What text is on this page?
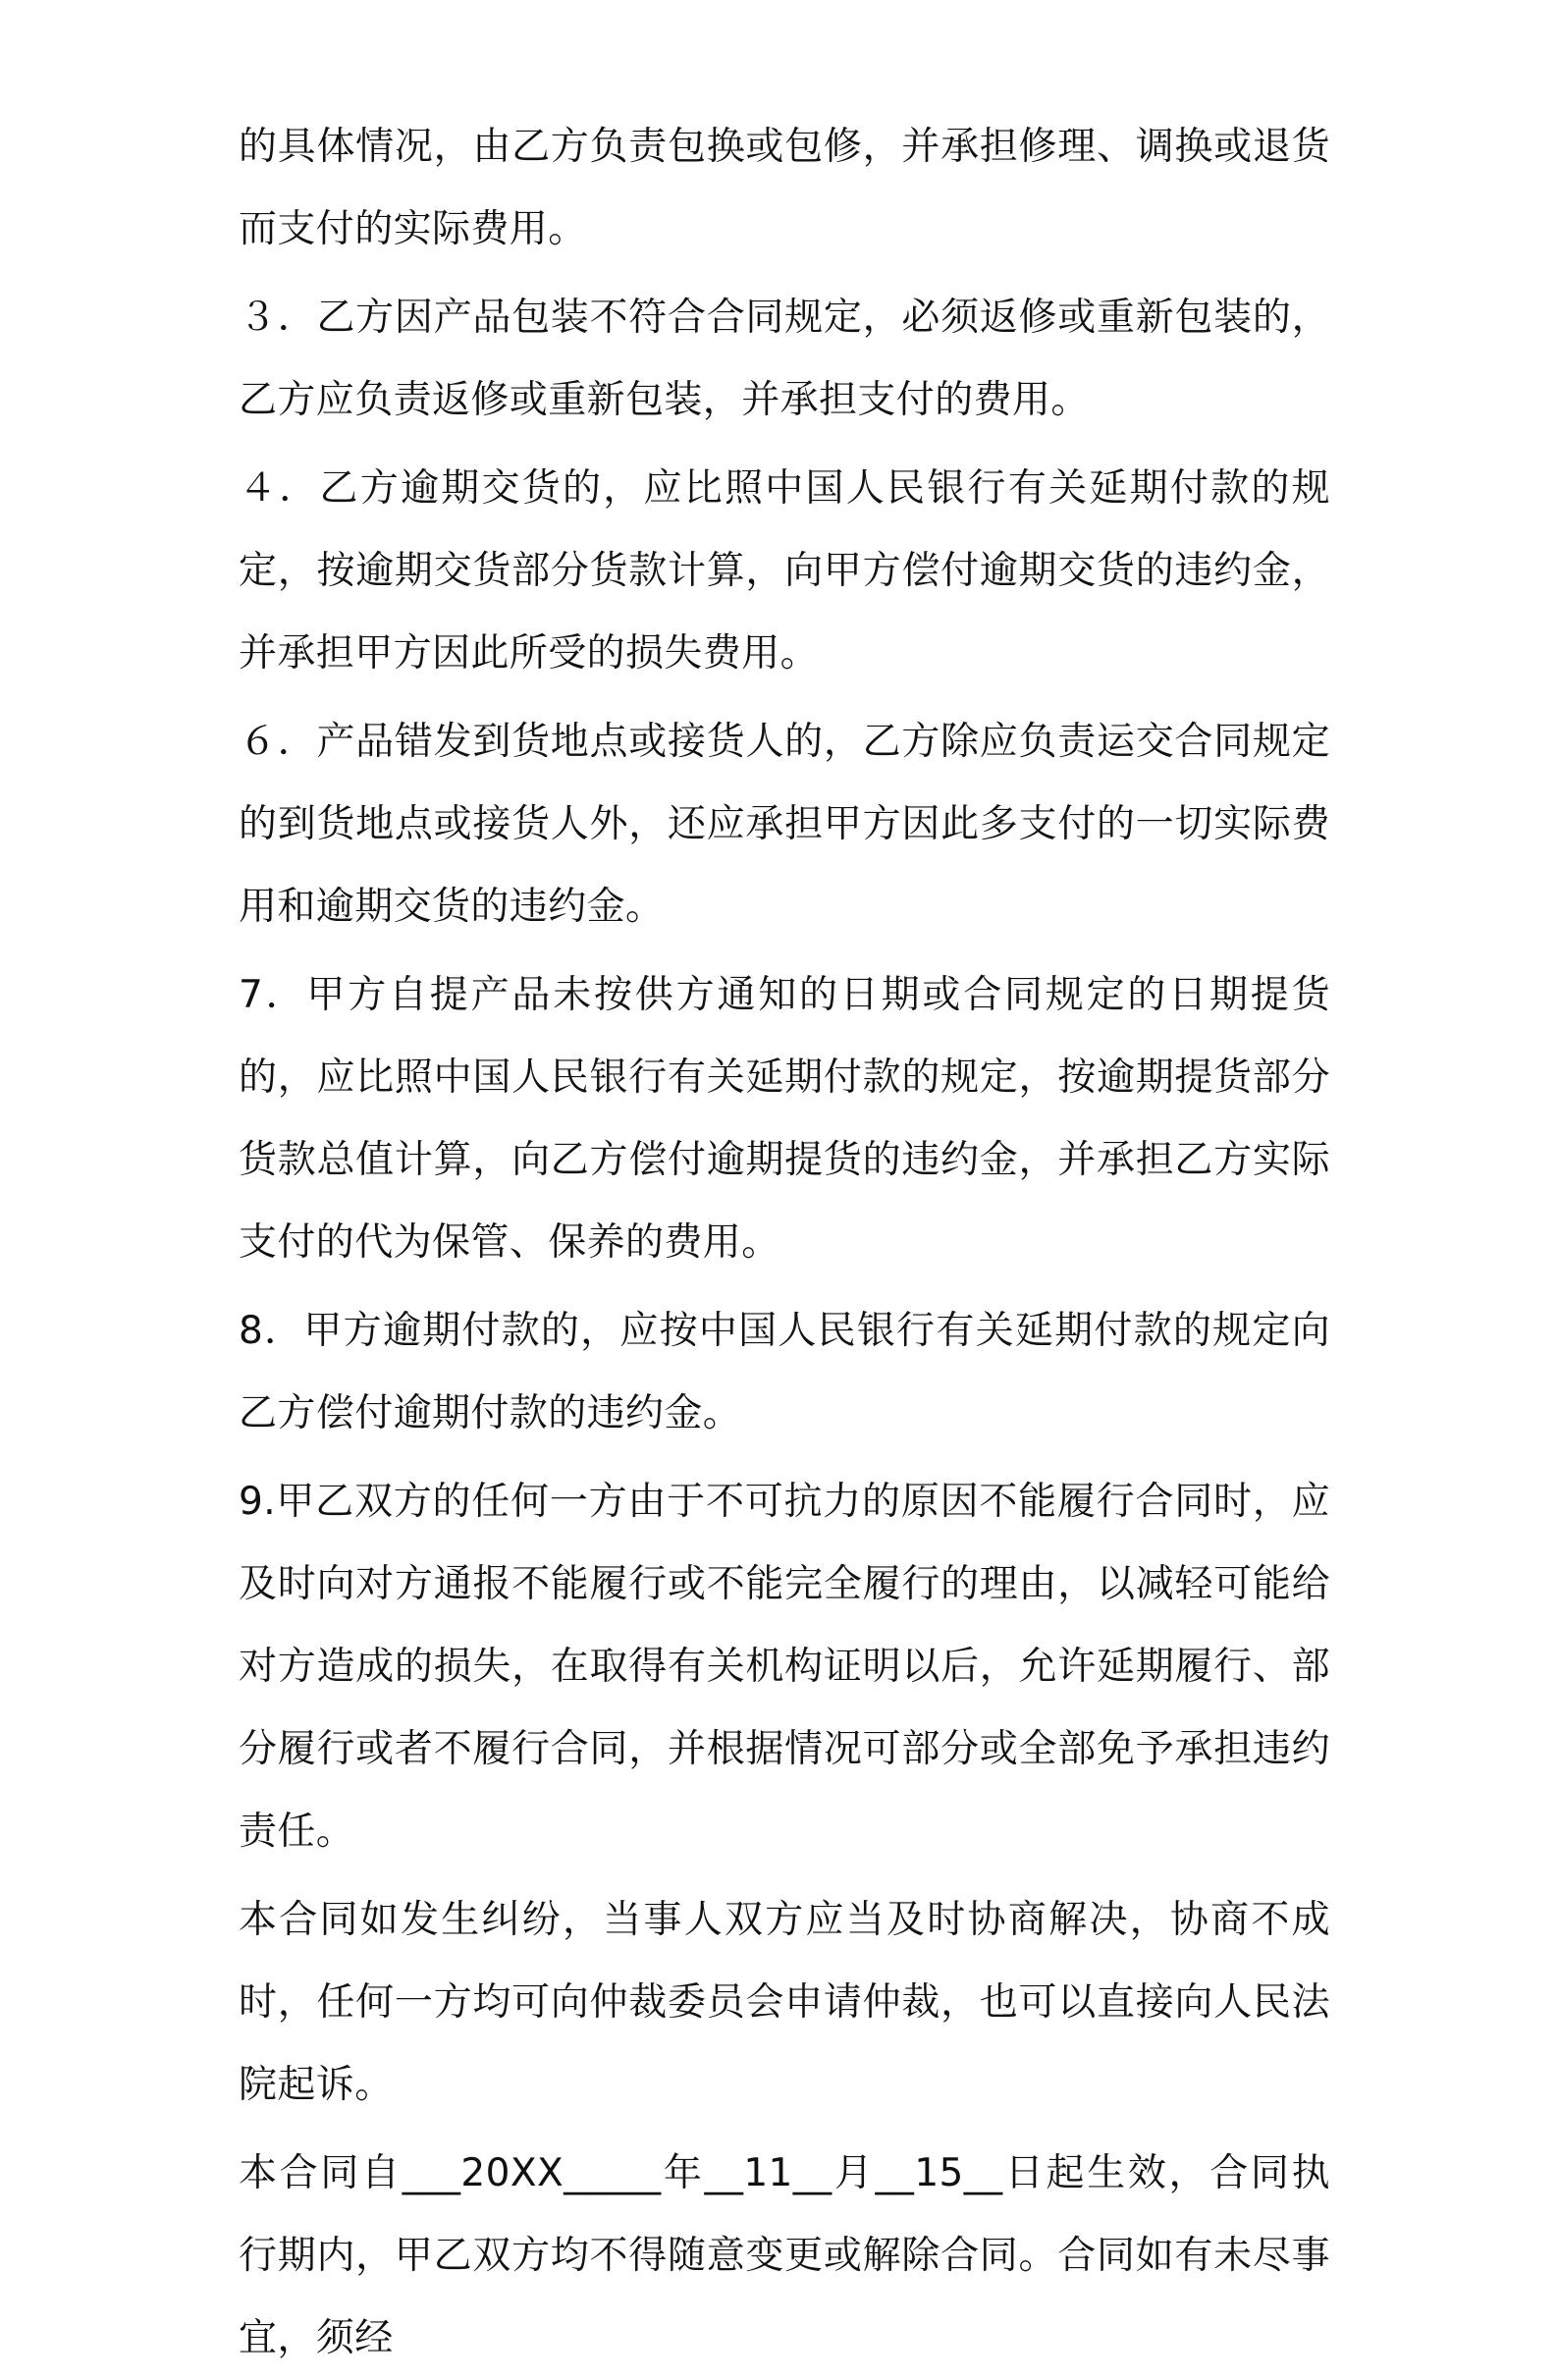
的具体情况，由乙方负责包换或包修，并承担修理、调换或退货而支付的实际费用。

３．乙方因产品包装不符合合同规定，必须返修或重新包装的，乙方应负责返修或重新包装，并承担支付的费用。

４．乙方逾期交货的，应比照中国人民银行有关延期付款的规定，按逾期交货部分货款计算，向甲方偿付逾期交货的违约金，并承担甲方因此所受的损失费用。

６．产品错发到货地点或接货人的，乙方除应负责运交合同规定的到货地点或接货人外，还应承担甲方因此多支付的一切实际费用和逾期交货的违约金。

7．甲方自提产品未按供方通知的日期或合同规定的日期提货的，应比照中国人民银行有关延期付款的规定，按逾期提货部分货款总值计算，向乙方偿付逾期提货的违约金，并承担乙方实际支付的代为保管、保养的费用。

8．甲方逾期付款的，应按中国人民银行有关延期付款的规定向乙方偿付逾期付款的违约金。

9.甲乙双方的任何一方由于不可抗力的原因不能履行合同时，应及时向对方通报不能履行或不能完全履行的理由，以减轻可能给对方造成的损失，在取得有关机构证明以后，允许延期履行、部分履行或者不履行合同，并根据情况可部分或全部免予承担违约责任。

本合同如发生纠纷，当事人双方应当及时协商解决，协商不成时，任何一方均可向仲裁委员会申请仲裁，也可以直接向人民法院起诉。

本合同自___20XX_____年__11__月__15__日起生效，合同执行期内，甲乙双方均不得随意变更或解除合同。合同如有未尽事宜，须经
